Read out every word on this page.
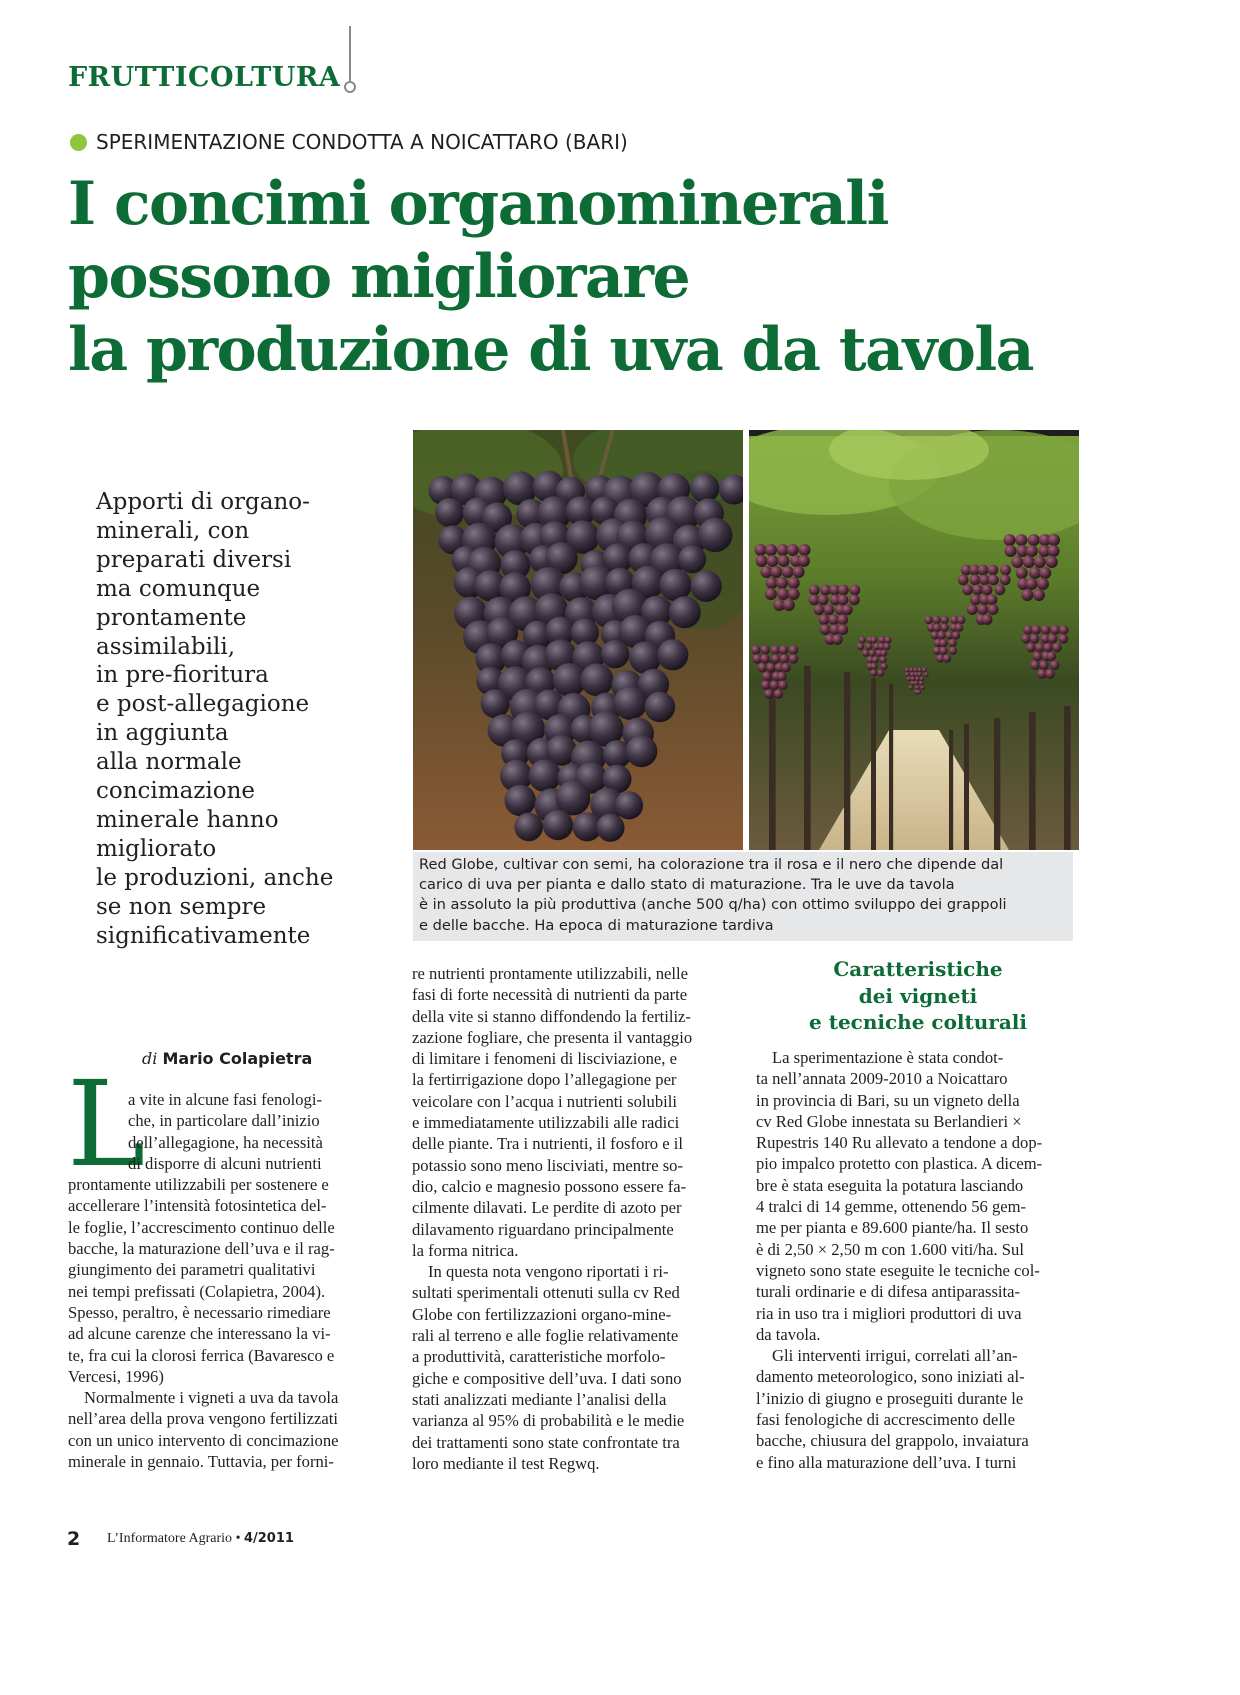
FRUTTICOLTURA
SPERIMENTAZIONE CONDOTTA A NOICATTARO (BARI)
I concimi organominerali
possono migliorare
la produzione di uva da tavola
Apporti di organo-
minerali, con
preparati diversi
ma comunque
prontamente
assimilabili,
in pre-fioritura
e post-allegagione
in aggiunta
alla normale
concimazione
minerale hanno
migliorato
le produzioni, anche
se non sempre
significativamente
Red Globe, cultivar con semi, ha colorazione tra il rosa e il nero che dipende dal
carico di uva per pianta e dallo stato di maturazione. Tra le uve da tavola
è in assoluto la più produttiva (anche 500 q/ha) con ottimo sviluppo dei grappoli
e delle bacche. Ha epoca di maturazione tardiva
di Mario Colapietra
L
a vite in alcune fasi fenologi-
che, in particolare dall’inizio
dell’allegagione, ha necessità
di disporre di alcuni nutrienti
prontamente utilizzabili per sostenere e
accellerare l’intensità fotosintetica del-
le foglie, l’accrescimento continuo delle
bacche, la maturazione dell’uva e il rag-
giungimento dei parametri qualitativi
nei tempi prefissati (Colapietra, 2004).
Spesso, peraltro, è necessario rimediare
ad alcune carenze che interessano la vi-
te, fra cui la clorosi ferrica (Bavaresco e
Vercesi, 1996)
Normalmente i vigneti a uva da tavola
nell’area della prova vengono fertilizzati
con un unico intervento di concimazione
minerale in gennaio. Tuttavia, per forni-
re nutrienti prontamente utilizzabili, nelle
fasi di forte necessità di nutrienti da parte
della vite si stanno diffondendo la fertiliz-
zazione fogliare, che presenta il vantaggio
di limitare i fenomeni di lisciviazione, e
la fertirrigazione dopo l’allegagione per
veicolare con l’acqua i nutrienti solubili
e immediatamente utilizzabili alle radici
delle piante. Tra i nutrienti, il fosforo e il
potassio sono meno lisciviati, mentre so-
dio, calcio e magnesio possono essere fa-
cilmente dilavati. Le perdite di azoto per
dilavamento riguardano principalmente
la forma nitrica.
In questa nota vengono riportati i ri-
sultati sperimentali ottenuti sulla cv Red
Globe con fertilizzazioni organo-mine-
rali al terreno e alle foglie relativamente
a produttività, caratteristiche morfolo-
giche e compositive dell’uva. I dati sono
stati analizzati mediante l’analisi della
varianza al 95% di probabilità e le medie
dei trattamenti sono state confrontate tra
loro mediante il test Regwq.
Caratteristiche
dei vigneti
e tecniche colturali
La sperimentazione è stata condot-
ta nell’annata 2009-2010 a Noicattaro
in provincia di Bari, su un vigneto della
cv Red Globe innestata su Berlandieri ×
Rupestris 140 Ru allevato a tendone a dop-
pio impalco protetto con plastica. A dicem-
bre è stata eseguita la potatura lasciando
4 tralci di 14 gemme, ottenendo 56 gem-
me per pianta e 89.600 piante/ha. Il sesto
è di 2,50 × 2,50 m con 1.600 viti/ha. Sul
vigneto sono state eseguite le tecniche col-
turali ordinarie e di difesa antiparassita-
ria in uso tra i migliori produttori di uva
da tavola.
Gli interventi irrigui, correlati all’an-
damento meteorologico, sono iniziati al-
l’inizio di giugno e proseguiti durante le
fasi fenologiche di accrescimento delle
bacche, chiusura del grappolo, invaiatura
e fino alla maturazione dell’uva. I turni
2 L’Informatore Agrario • 4/2011
